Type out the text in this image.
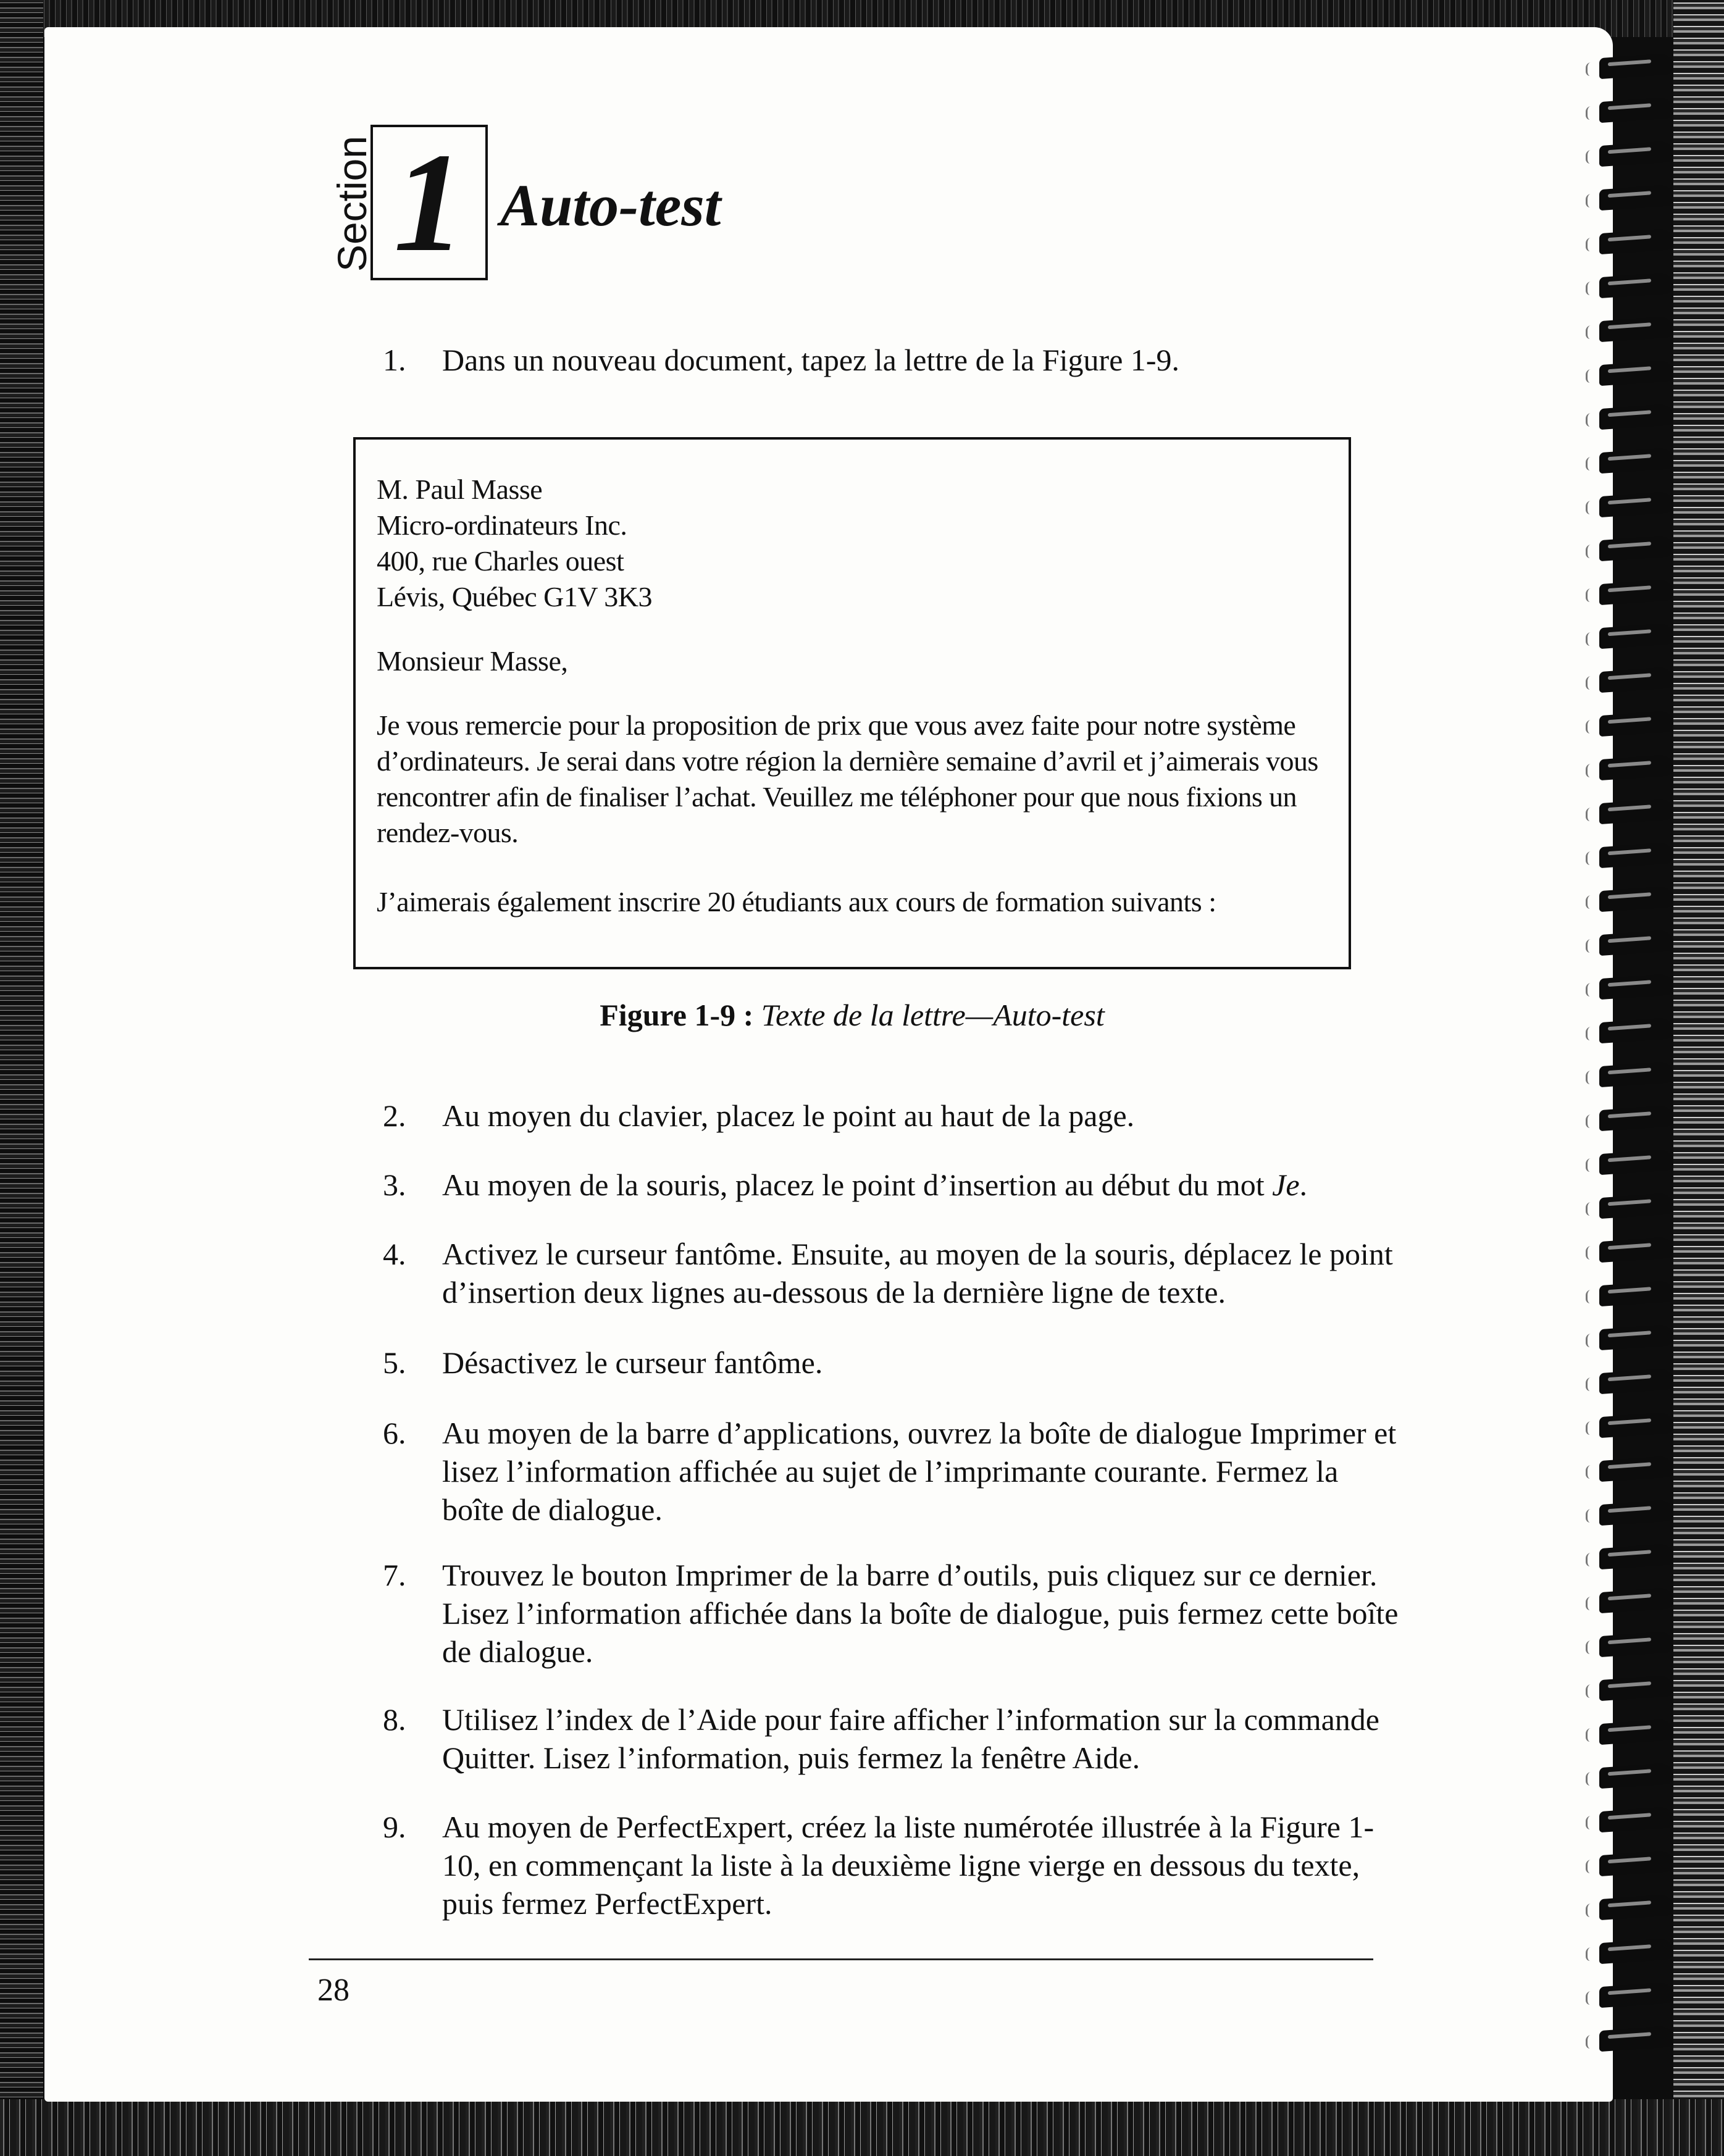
Section 1 Auto-test
1.	Dans un nouveau document, tapez la lettre de la Figure 1-9.
M. Paul Masse
Micro-ordinateurs Inc.
400, rue Charles ouest
Lévis, Québec G1V 3K3
Monsieur Masse,
Je vous remercie pour la proposition de prix que vous avez faite pour notre système d’ordinateurs. Je serai dans votre région la dernière semaine d’avril et j’aimerais vous rencontrer afin de finaliser l’achat. Veuillez me téléphoner pour que nous fixions un rendez-vous.
J’aimerais également inscrire 20 étudiants aux cours de formation suivants :
Figure 1-9 : Texte de la lettre—Auto-test
2.	Au moyen du clavier, placez le point au haut de la page.
3.	Au moyen de la souris, placez le point d’insertion au début du mot Je.
4.	Activez le curseur fantôme. Ensuite, au moyen de la souris, déplacez le point d’insertion deux lignes au-dessous de la dernière ligne de texte.
5.	Désactivez le curseur fantôme.
6.	Au moyen de la barre d’applications, ouvrez la boîte de dialogue Imprimer et lisez l’information affichée au sujet de l’imprimante courante. Fermez la boîte de dialogue.
7.	Trouvez le bouton Imprimer de la barre d’outils, puis cliquez sur ce dernier. Lisez l’information affichée dans la boîte de dialogue, puis fermez cette boîte de dialogue.
8.	Utilisez l’index de l’Aide pour faire afficher l’information sur la commande Quitter. Lisez l’information, puis fermez la fenêtre Aide.
9.	Au moyen de PerfectExpert, créez la liste numérotée illustrée à la Figure 1-10, en commençant la liste à la deuxième ligne vierge en dessous du texte, puis fermez PerfectExpert.
28
